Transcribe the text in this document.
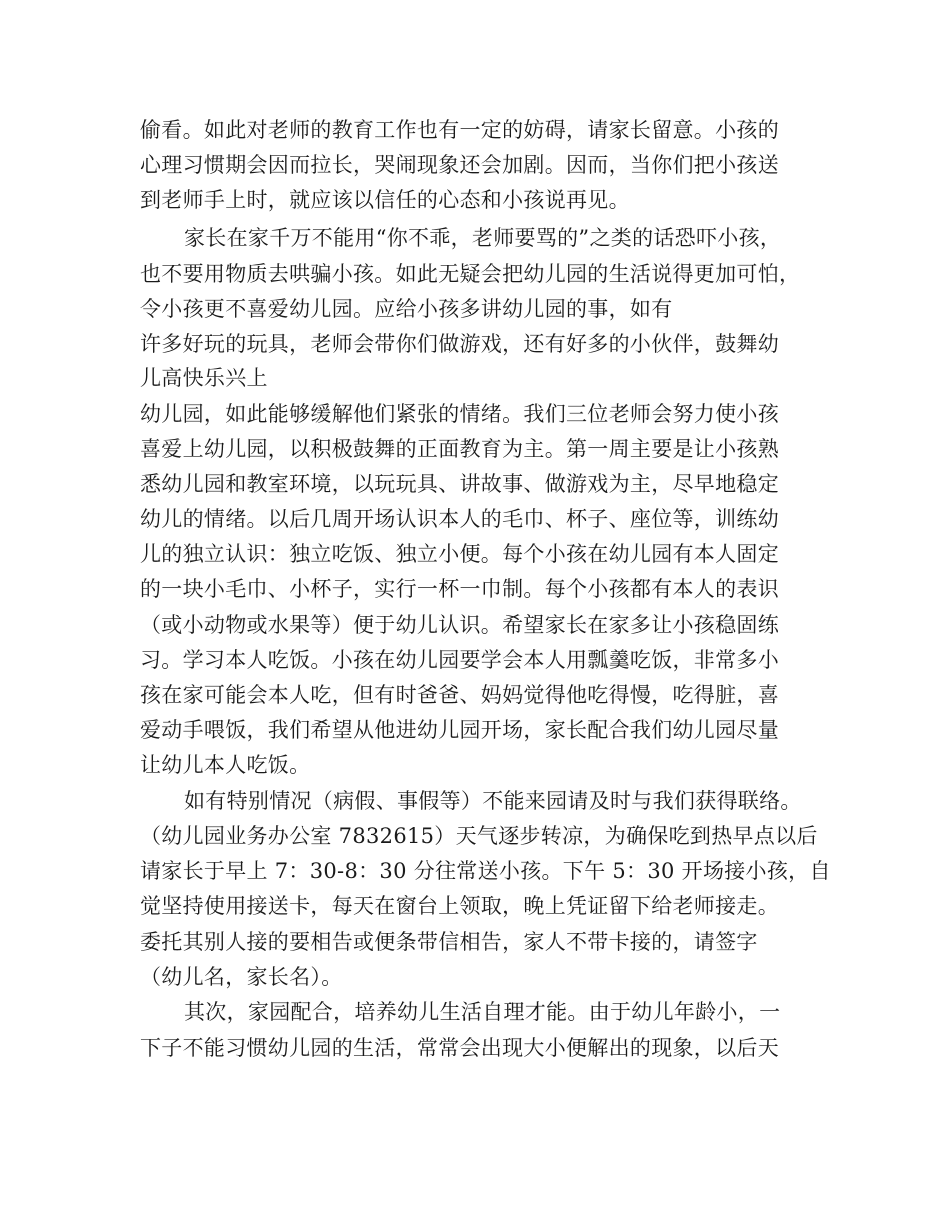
偷看。如此对老师的教育工作也有一定的妨碍，请家长留意。小孩的
心理习惯期会因而拉长，哭闹现象还会加剧。因而，当你们把小孩送
到老师手上时，就应该以信任的心态和小孩说再见。
家长在家千万不能用“你不乖，老师要骂的”之类的话恐吓小孩，
也不要用物质去哄骗小孩。如此无疑会把幼儿园的生活说得更加可怕，
令小孩更不喜爱幼儿园。应给小孩多讲幼儿园的事，如有
许多好玩的玩具，老师会带你们做游戏，还有好多的小伙伴，鼓舞幼
儿高快乐兴上
幼儿园，如此能够缓解他们紧张的情绪。我们三位老师会努力使小孩
喜爱上幼儿园，以积极鼓舞的正面教育为主。第一周主要是让小孩熟
悉幼儿园和教室环境，以玩玩具、讲故事、做游戏为主，尽早地稳定
幼儿的情绪。以后几周开场认识本人的毛巾、杯子、座位等，训练幼
儿的独立认识：独立吃饭、独立小便。每个小孩在幼儿园有本人固定
的一块小毛巾、小杯子，实行一杯一巾制。每个小孩都有本人的表识
（或小动物或水果等）便于幼儿认识。希望家长在家多让小孩稳固练
习。学习本人吃饭。小孩在幼儿园要学会本人用瓢羹吃饭，非常多小
孩在家可能会本人吃，但有时爸爸、妈妈觉得他吃得慢，吃得脏，喜
爱动手喂饭，我们希望从他进幼儿园开场，家长配合我们幼儿园尽量
让幼儿本人吃饭。
如有特别情况（病假、事假等）不能来园请及时与我们获得联络。
（幼儿园业务办公室 7832615）天气逐步转凉，为确保吃到热早点以后
请家长于早上 7：30-8：30 分往常送小孩。下午 5：30 开场接小孩，自
觉坚持使用接送卡，每天在窗台上领取，晚上凭证留下给老师接走。
委托其别人接的要相告或便条带信相告，家人不带卡接的，请签字
（幼儿名，家长名）。
其次，家园配合，培养幼儿生活自理才能。由于幼儿年龄小，一
下子不能习惯幼儿园的生活，常常会出现大小便解出的现象，以后天
